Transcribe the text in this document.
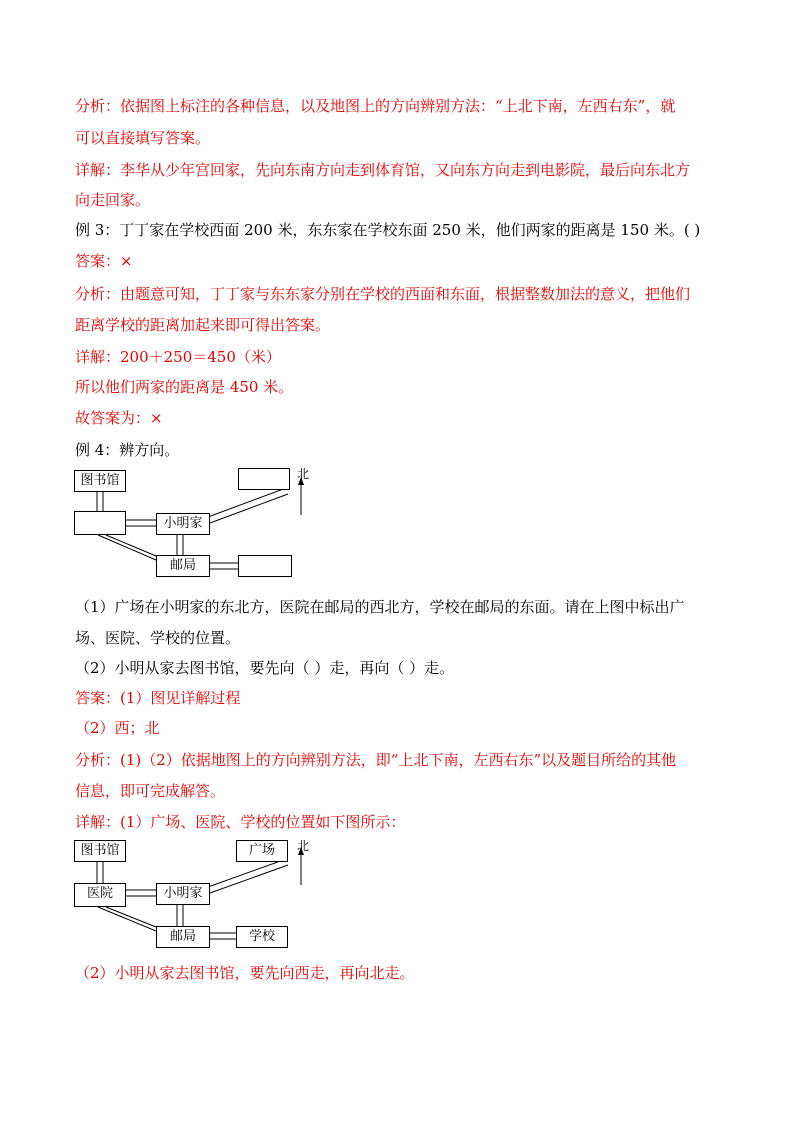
分析：依据图上标注的各种信息，以及地图上的方向辨别方法：“上北下南，左西右东”，就
可以直接填写答案。
详解：李华从少年宫回家，先向东南方向走到体育馆，又向东方向走到电影院，最后向东北方
向走回家。
例 3：丁丁家在学校西面 200 米，东东家在学校东面 250 米，他们两家的距离是 150 米。( )
答案：×
分析：由题意可知，丁丁家与东东家分别在学校的西面和东面，根据整数加法的意义，把他们
距离学校的距离加起来即可得出答案。
详解：200＋250＝450（米）
所以他们两家的距离是 450 米。
故答案为：×
例 4：辨方向。
图书馆
小明家
邮局
北
（1）广场在小明家的东北方，医院在邮局的西北方，学校在邮局的东面。请在上图中标出广
场、医院、学校的位置。
（2）小明从家去图书馆，要先向（ ）走，再向（ ）走。
答案：(1）图见详解过程
（2）西；北
分析：(1)（2）依据地图上的方向辨别方法，即“上北下南，左西右东”以及题目所给的其他
信息，即可完成解答。
详解：(1）广场、医院、学校的位置如下图所示：
图书馆
医院	小明家
广场
邮局	学校
北
（2）小明从家去图书馆，要先向西走，再向北走。
